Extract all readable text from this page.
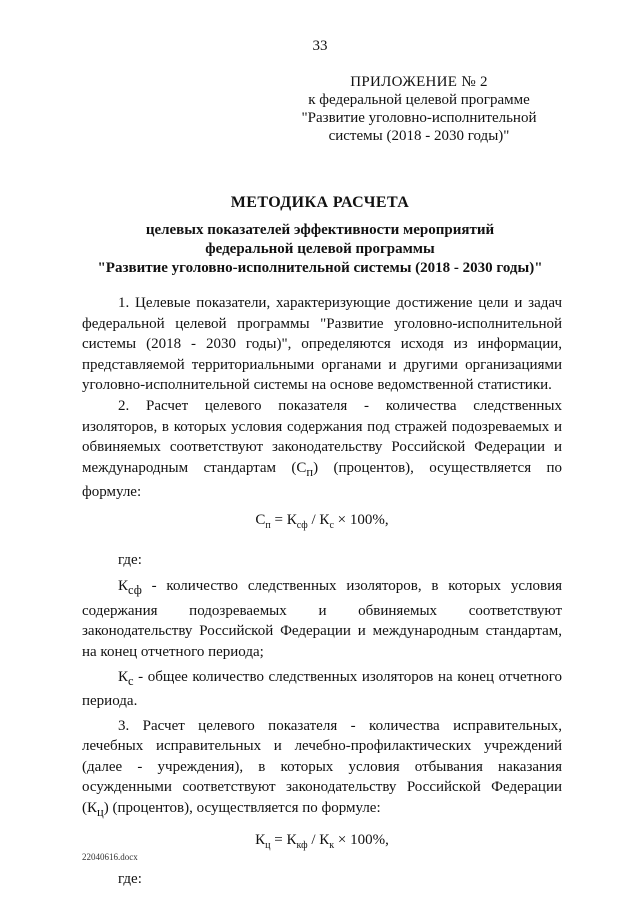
33
ПРИЛОЖЕНИЕ № 2
к федеральной целевой программе
"Развитие уголовно-исполнительной
системы (2018 - 2030 годы)"
МЕТОДИКА РАСЧЕТА
целевых показателей эффективности мероприятий
федеральной целевой программы
"Развитие уголовно-исполнительной системы (2018 - 2030 годы)"

1. Целевые показатели, характеризующие достижение цели и задач федеральной целевой программы "Развитие уголовно-исполнительной системы (2018 - 2030 годы)", определяются исходя из информации, представляемой территориальными органами и другими организациями уголовно-исполнительной системы на основе ведомственной статистики.

2. Расчет целевого показателя - количества следственных изоляторов, в которых условия содержания под стражей подозреваемых и обвиняемых соответствуют законодательству Российской Федерации и международным стандартам $(С_п)$ (процентов), осуществляется по формуле:

$С_п = К_{сф} / К_с \times 100\%$,

где:

$К_{сф}$ - количество следственных изоляторов, в которых условия содержания подозреваемых и обвиняемых соответствуют законодательству Российской Федерации и международным стандартам, на конец отчетного периода;

$К_с$ - общее количество следственных изоляторов на конец отчетного периода.

3. Расчет целевого показателя - количества исправительных, лечебных исправительных и лечебно-профилактических учреждений (далее - учреждения), в которых условия отбывания наказания осужденными соответствуют законодательству Российской Федерации $(К_ц)$ (процентов), осуществляется по формуле:

$К_ц = К_{кф} / К_к \times 100\%$,

где:

22040616.docx
